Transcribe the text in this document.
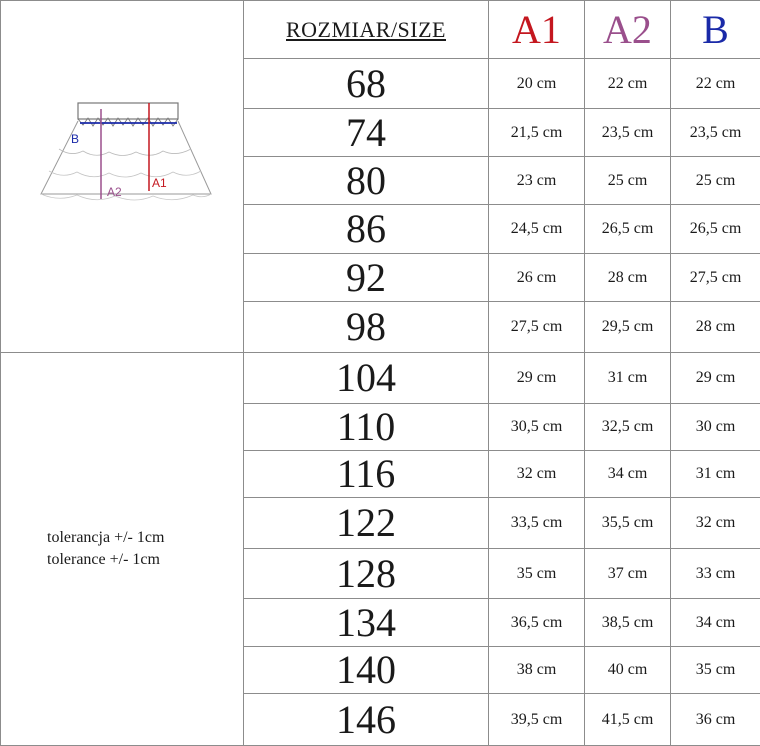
B
A2
A1	ROZMIAR/SIZE	A1	A2	B
	68	20 cm	22 cm	22 cm
	74	21,5 cm	23,5 cm	23,5 cm
	80	23 cm	25 cm	25 cm
	86	24,5 cm	26,5 cm	26,5 cm
	92	26 cm	28 cm	27,5 cm
	98	27,5 cm	29,5 cm	28 cm

tolerancja +/- 1cm
tolerance +/- 1cm	104	29 cm	31 cm	29 cm
	110	30,5 cm	32,5 cm	30 cm
	116	32 cm	34 cm	31 cm
	122	33,5 cm	35,5 cm	32 cm
	128	35 cm	37 cm	33 cm
	134	36,5 cm	38,5 cm	34 cm
	140	38 cm	40 cm	35 cm
	146	39,5 cm	41,5 cm	36 cm
